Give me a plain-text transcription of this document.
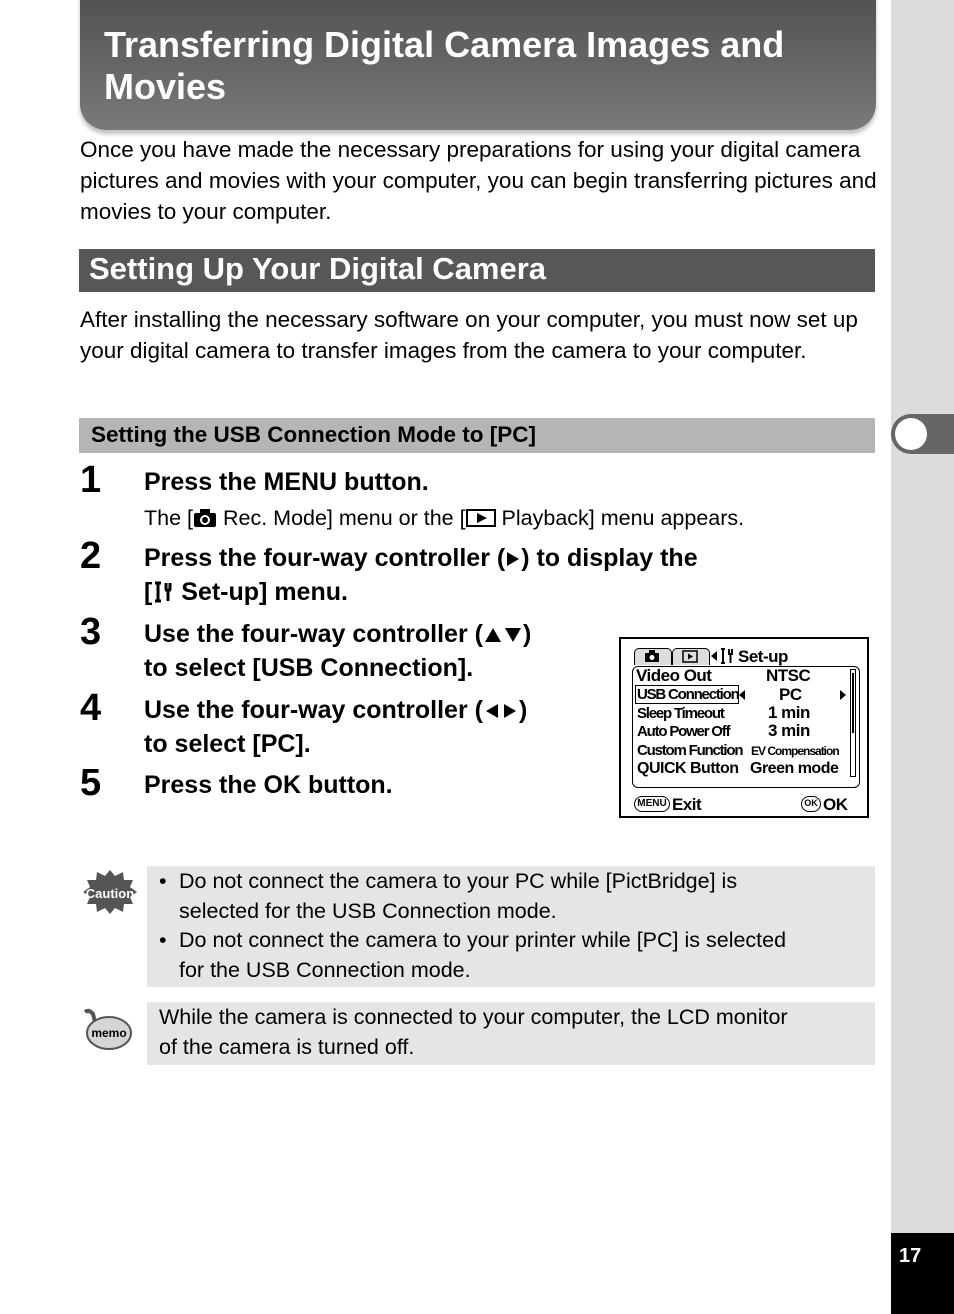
17
Transferring Digital Camera Images and Movies
Once you have made the necessary preparations for using your digital camera pictures and movies with your computer, you can begin transferring pictures and movies to your computer.
Setting Up Your Digital Camera
After installing the necessary software on your computer, you must now set up your digital camera to transfer images from the camera to your computer.
Setting the USB Connection Mode to [PC]
1 Press the MENU button.
The [ Rec. Mode] menu or the [ Playback] menu appears.
2 Press the four-way controller ( ) to display the
[ Set-up] menu.
3 Use the four-way controller ( )
to select [USB Connection].
4 Use the four-way controller ( )
to select [PC].
5 Press the OK button.
Set-up
Video Out	NTSC
USB Connection PC
Sleep Timeout	1 min
Auto Power Off 3 min
Custom Function EV Compensation
QUICK Button Green mode
MENU Exit	OK OK
Caution
• Do not connect the camera to your PC while [PictBridge] is
selected for the USB Connection mode.
• Do not connect the camera to your printer while [PC] is selected
for the USB Connection mode.
memo
While the camera is connected to your computer, the LCD monitor
of the camera is turned off.
